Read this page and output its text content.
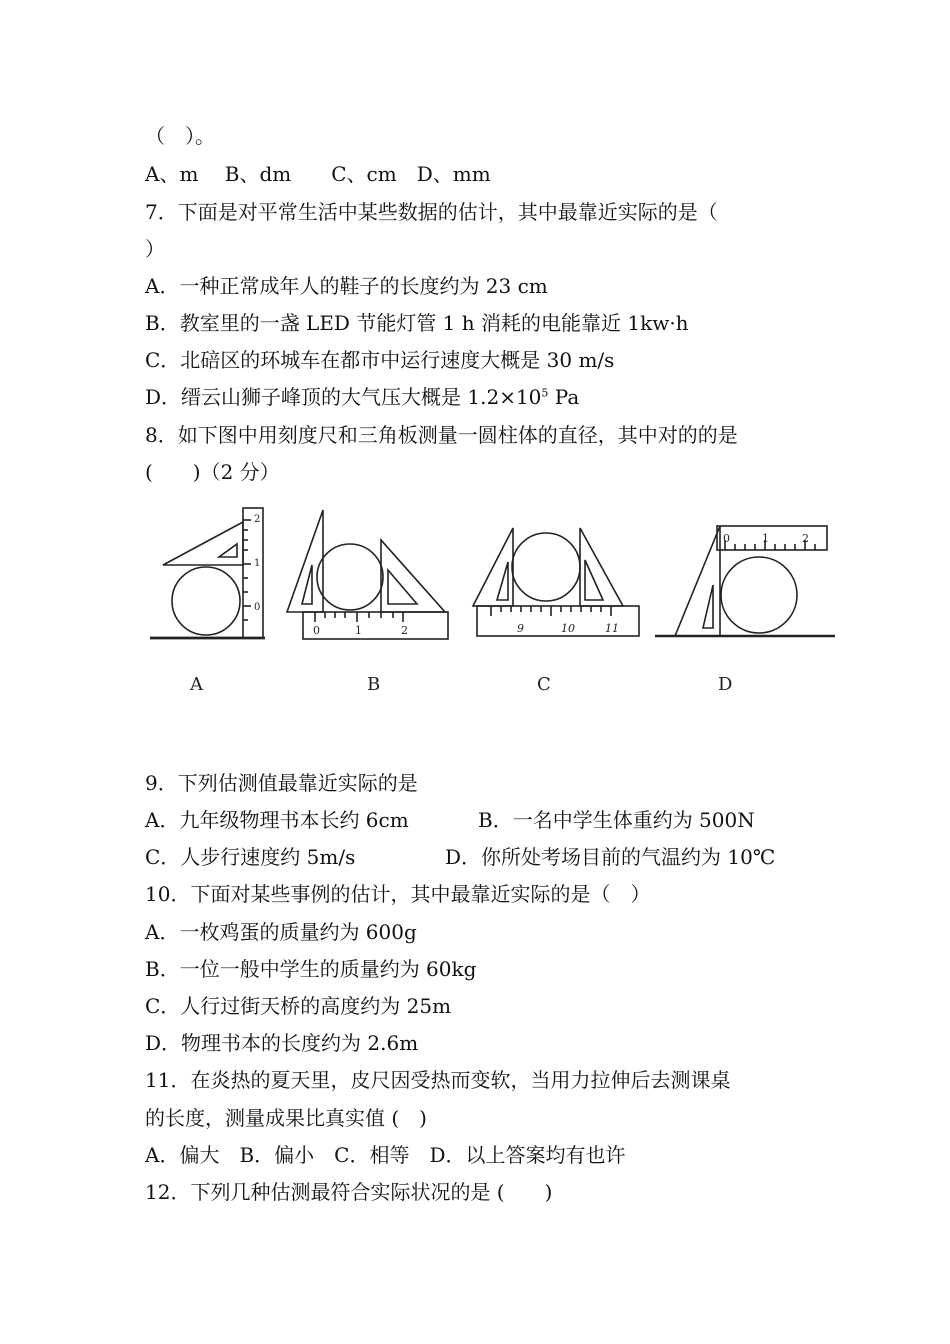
（　）。
A、m　 B、dm　　C、cm　D、mm
7．下面是对平常生活中某些数据的估计，其中最靠近实际的是（
）
A．一种正常成年人的鞋子的长度约为 23 cm
B．教室里的一盏 LED 节能灯管 1 h 消耗的电能靠近 1kw·h
C．北碚区的环城车在都市中运行速度大概是 30 m/s
D．缙云山狮子峰顶的大气压大概是 $1.2\times 10^5$ Pa
8．如下图中用刻度尺和三角板测量一圆柱体的直径，其中对的的是
(　　)（2 分）
2
1
0
A
0	1	2
B
9	10	11
C
0	1	2
D
9．下列估测值最靠近实际的是
A．九年级物理书本长约 6cm	B．一名中学生体重约为 500N
C．人步行速度约 5m/s	D．你所处考场目前的气温约为 10℃
10．下面对某些事例的估计，其中最靠近实际的是（　）
A．一枚鸡蛋的质量约为 600g
B．一位一般中学生的质量约为 60kg
C．人行过街天桥的高度约为 25m
D．物理书本的长度约为 2.6m
11．在炎热的夏天里，皮尺因受热而变软，当用力拉伸后去测课桌
的长度，测量成果比真实值 (　)
A．偏大　B．偏小　C．相等　D．以上答案均有也许
12．下列几种估测最符合实际状况的是 (　　)
